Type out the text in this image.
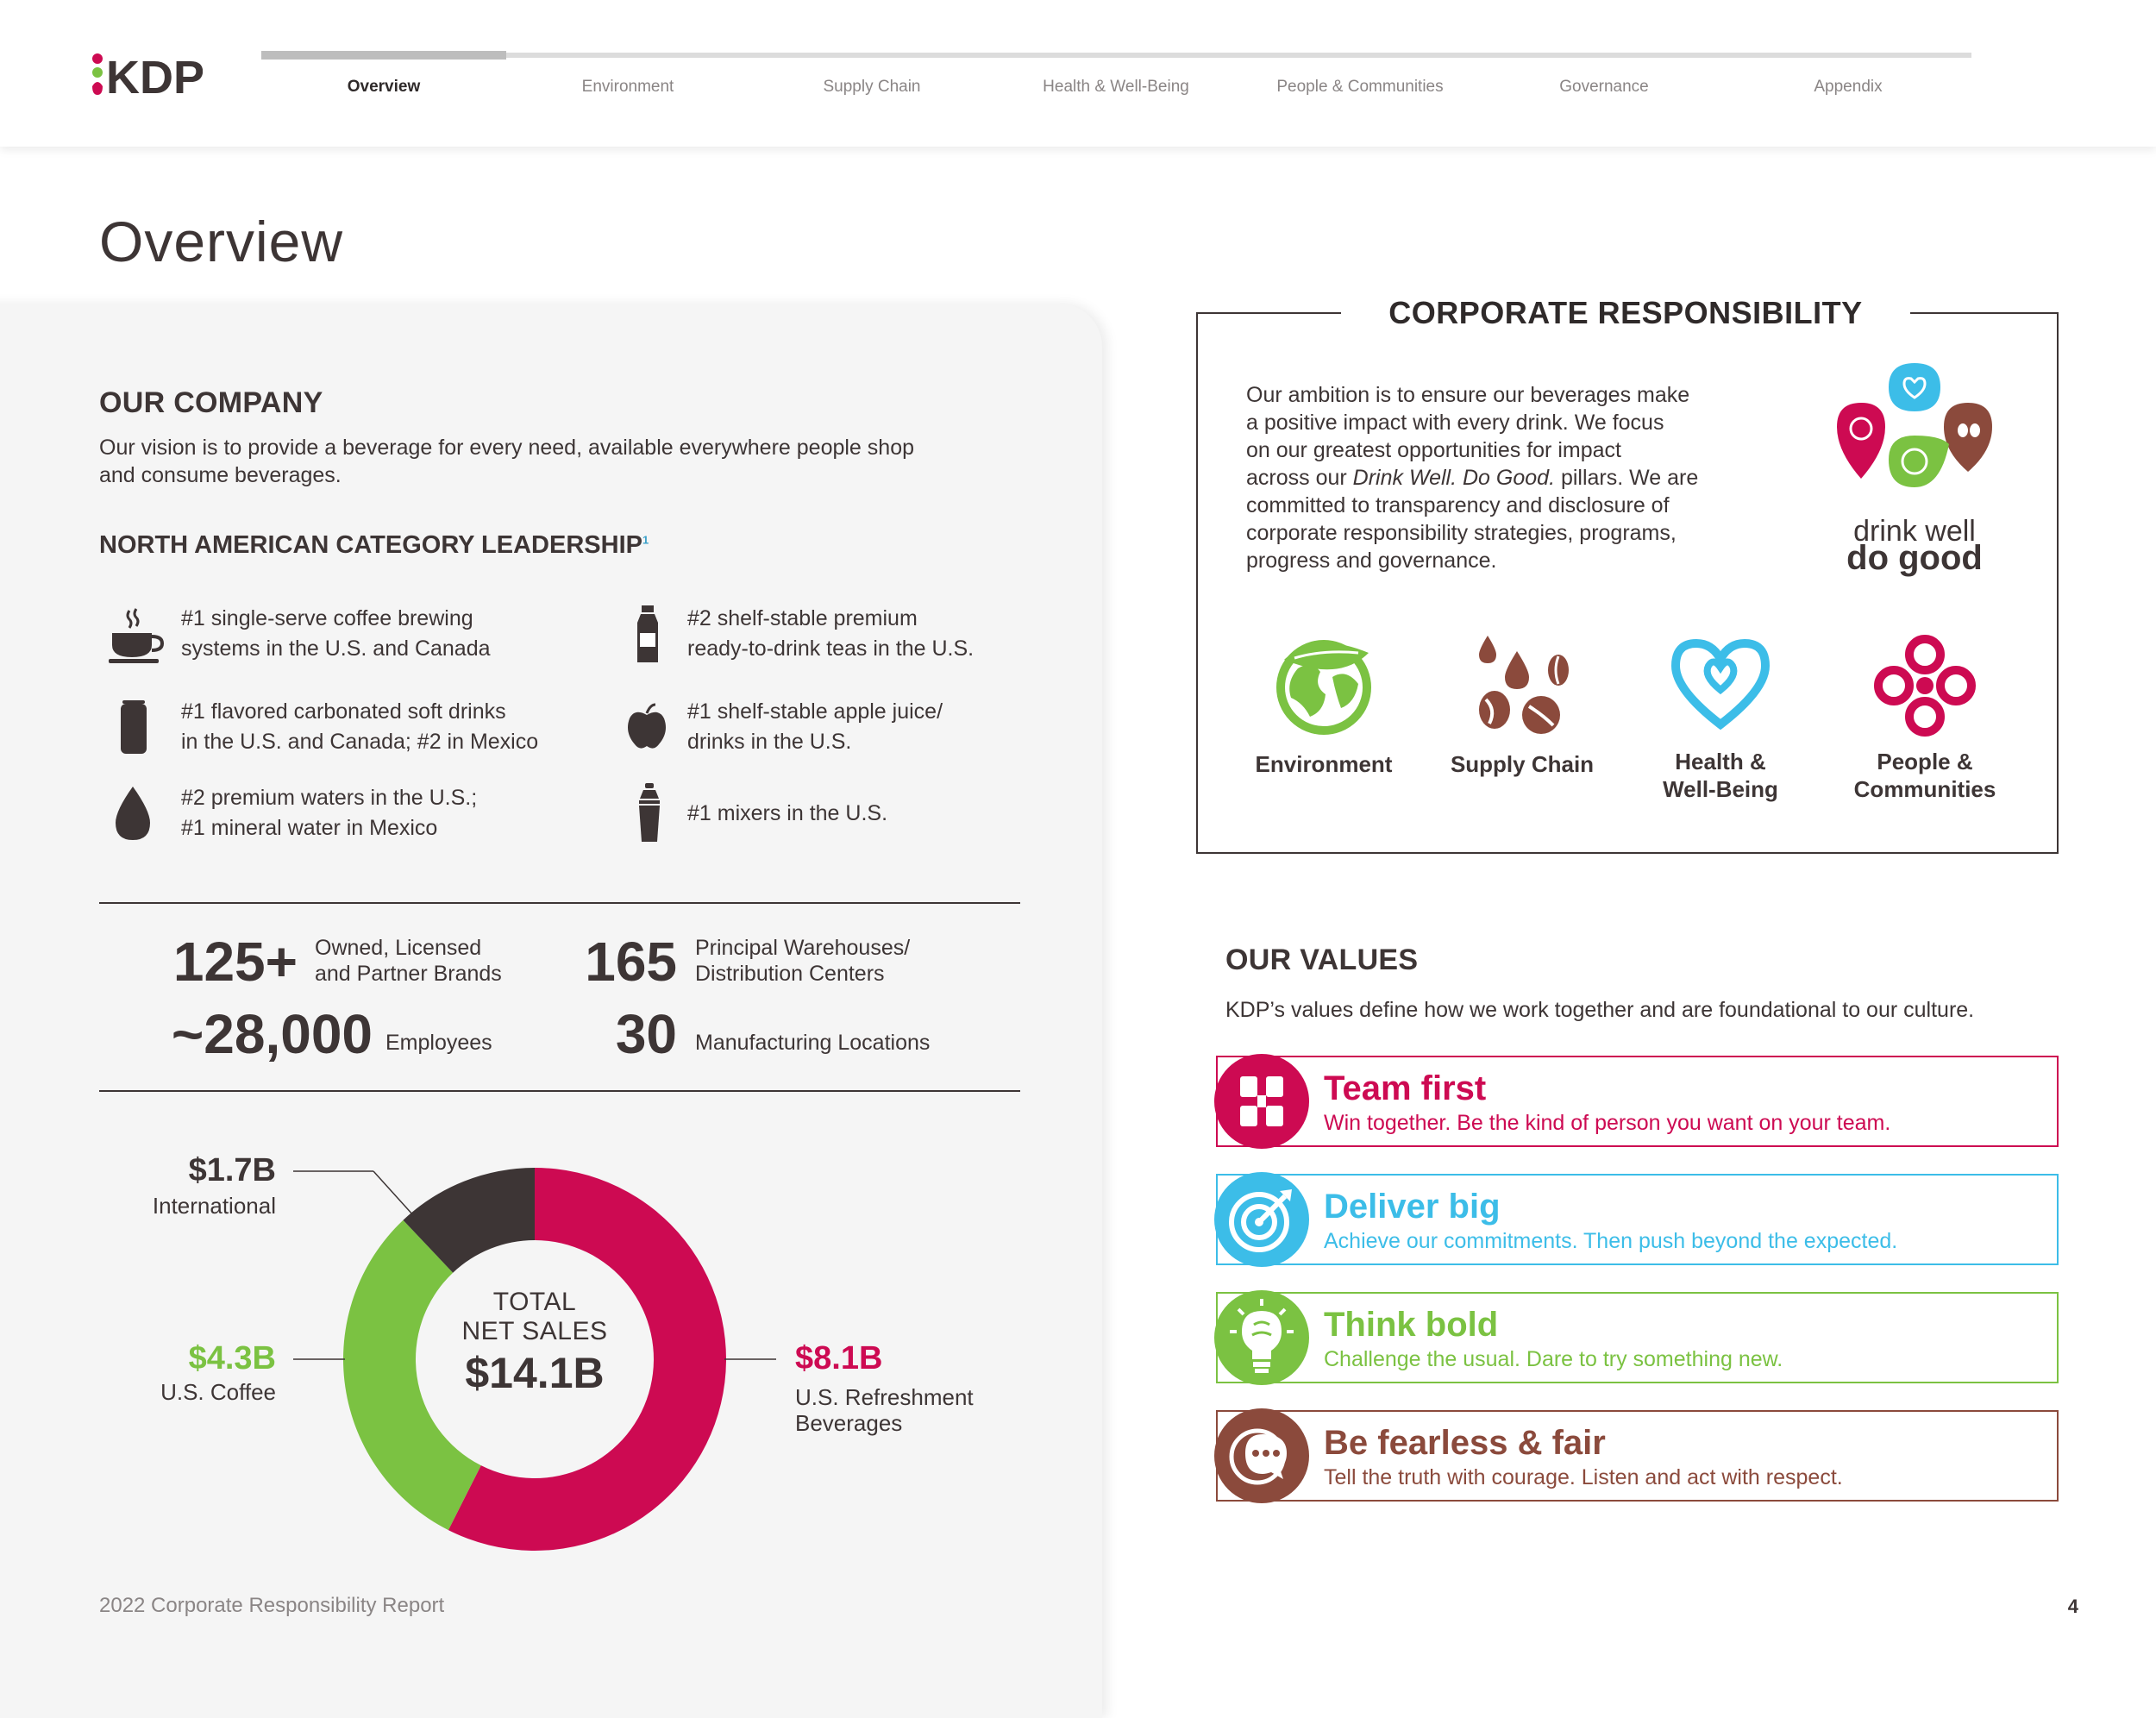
KDP	Overview	Environment	Supply Chain	Health & Well-Being	People & Communities	Governance	Appendix
Overview
OUR COMPANY
Our vision is to provide a beverage for every need, available everywhere people shop
and consume beverages.
NORTH AMERICAN CATEGORY LEADERSHIP$^1$
#1 single-serve coffee brewing
systems in the U.S. and Canada
#2 shelf-stable premium
ready-to-drink teas in the U.S.
#1 flavored carbonated soft drinks
in the U.S. and Canada; #2 in Mexico
#1 shelf-stable apple juice/
drinks in the U.S.
#2 premium waters in the U.S.;
#1 mineral water in Mexico
#1 mixers in the U.S.
125+ Owned, Licensed
and Partner Brands	165 Principal Warehouses/
Distribution Centers
~28,000 Employees	30 Manufacturing Locations
TOTAL
NET SALES
$14.1B
$1.7B
International
$4.3B
U.S. Coffee
$8.1B
U.S. Refreshment
Beverages
2022 Corporate Responsibility Report	4
CORPORATE RESPONSIBILITY
Our ambition is to ensure our beverages make
a positive impact with every drink. We focus
on our greatest opportunities for impact
across our Drink Well. Do Good. pillars. We are
committed to transparency and disclosure of
corporate responsibility strategies, programs,
progress and governance.
drink well
do good
Environment	Supply Chain	Health &
Well-Being
People &
Communities
OUR VALUES
KDP’s values define how we work together and are foundational to our culture.
Team first
Win together. Be the kind of person you want on your team.
Deliver big
Achieve our commitments. Then push beyond the expected.
Think bold
Challenge the usual. Dare to try something new.
Be fearless & fair
Tell the truth with courage. Listen and act with respect.
